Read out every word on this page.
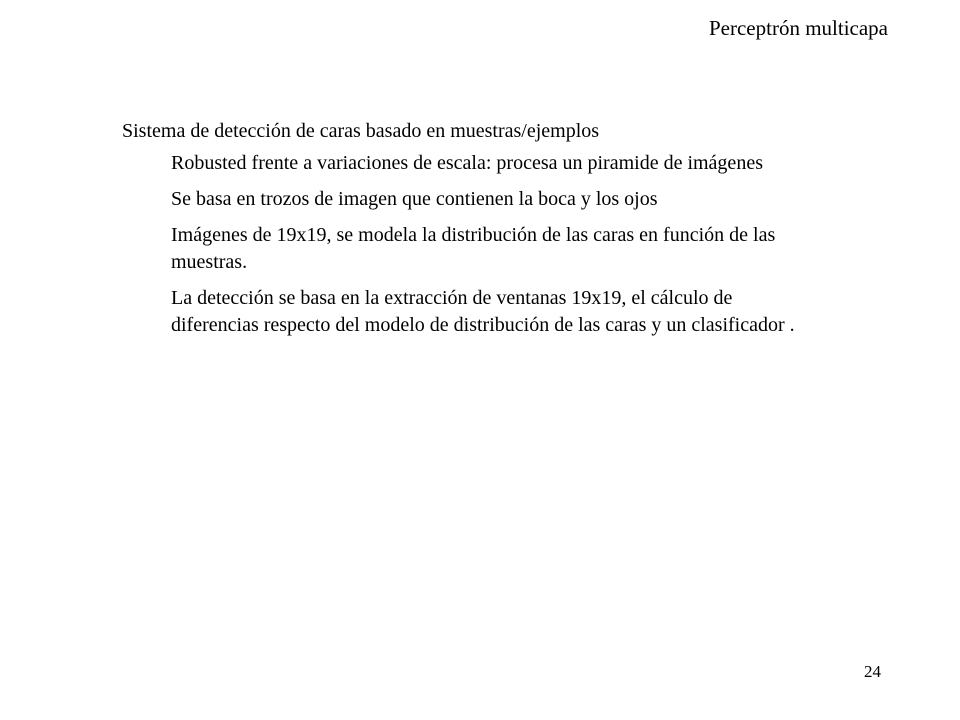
Perceptrón multicapa

Sistema de detección de caras basado en muestras/ejemplos

Robusted frente a variaciones de escala: procesa un piramide de imágenes
Se basa en trozos de imagen que contienen la boca y los ojos
Imágenes de 19x19, se modela la distribución de las caras en función de las muestras.
La detección se basa en la extracción de ventanas 19x19, el cálculo de diferencias respecto del modelo de distribución de las caras y un clasificador .
24
